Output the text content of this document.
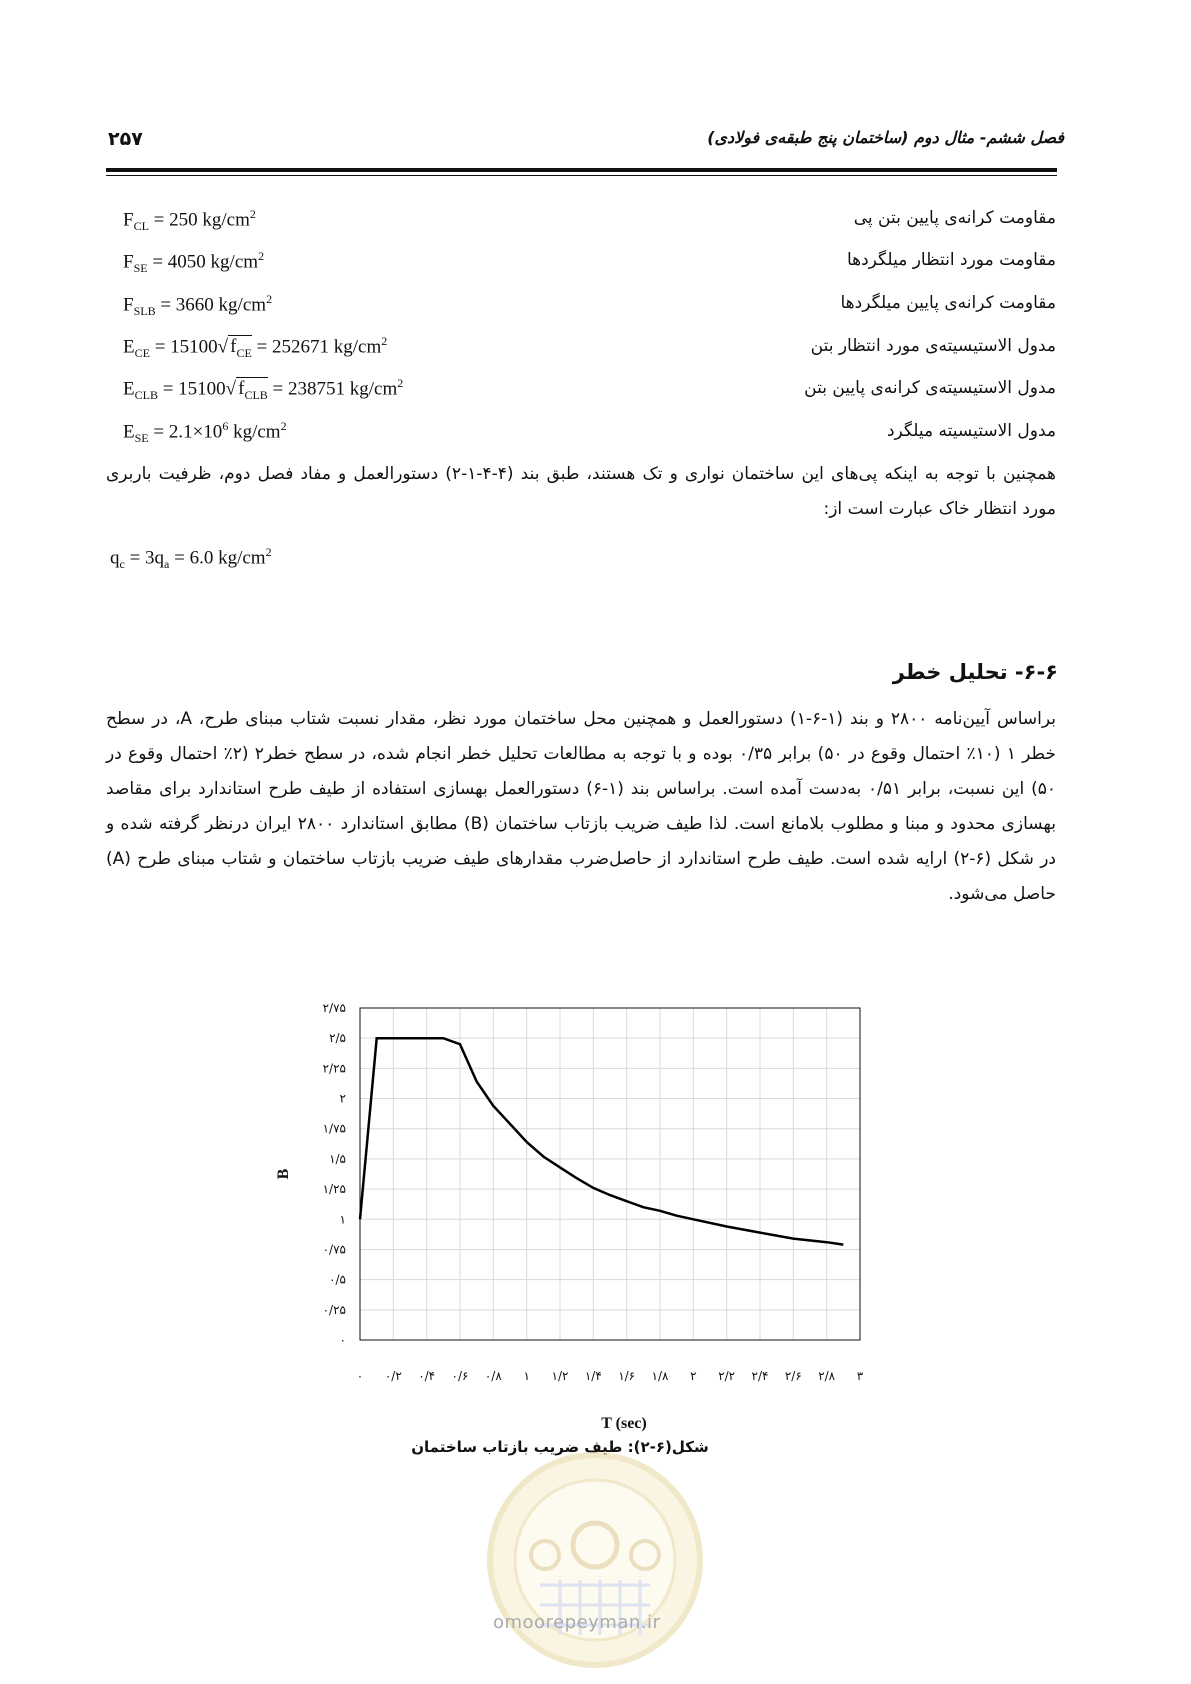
فصل ششم- مثال دوم (ساختمان پنج طبقه‌ی فولادی)
۲۵۷
مقاومت کرانه‌ی پایین بتن پی
$F_{CL} = 250$ $kg/cm^2$
مقاومت مورد انتظار میلگردها
$F_{SE} = 4050$ $kg/cm^2$
مقاومت کرانه‌ی پایین میلگردها
$F_{SLB} = 3660$ $kg/cm^2$
مدول الاستیسیته‌ی مورد انتظار بتن
$E_{CE} = 15100√$ $f_{CE} = 252671$ $kg/cm^2$
مدول الاستیسیته‌ی کرانه‌ی پایین بتن
$E_{CLB} = 15100√$ $f_{CLB} = 238751$ $kg/cm^2$
مدول الاستیسیته میلگرد
$E_{SE} = 2.1\times 10^6$ $kg/cm^2$
همچنین با توجه به اینکه پی‌های این ساختمان نواری و تک هستند، طبق بند (۴-۴-۱-۲) دستورالعمل و مفاد فصل دوم، ظرفیت باربری مورد انتظار خاک عبارت است از:
$q_c = 3q_a = 6.0$ $kg/cm^2$
۶-۶- تحلیل خطر
براساس آیین‌نامه ۲۸۰۰ و بند (۱-۶-۱) دستورالعمل و همچنین محل ساختمان مورد نظر، مقدار نسبت شتاب مبنای طرح، A، در سطح خطر ۱ (۱۰٪ احتمال وقوع در ۵۰) برابر ۰/۳۵ بوده و با توجه به مطالعات تحلیل خطر انجام شده، در سطح خطر۲ (۲٪ احتمال وقوع در ۵۰) این نسبت، برابر ۰/۵۱ به‌دست آمده است. براساس بند (۱-۶) دستورالعمل بهسازی استفاده از طیف طرح استاندارد برای مقاصد بهسازی محدود و مبنا و مطلوب بلامانع است. لذا طیف ضریب بازتاب ساختمان (B) مطابق استاندارد ۲۸۰۰ ایران درنظر گرفته شده و در شکل (۶-۲) ارایه شده است. طیف طرح استاندارد از حاصل‌ضرب مقدارهای طیف ضریب بازتاب ساختمان و شتاب مبنای طرح (A) حاصل می‌شود.
۰
۰/۲۵
۰/۵
۰/۷۵
۱
۱/۲۵
۱/۵
۱/۷۵
۲
۲/۲۵
۲/۵
۲/۷۵
۰ ۰/۲ ۰/۴ ۰/۶ ۰/۸ ۱ ۱/۲ ۱/۴ ۱/۶ ۱/۸ ۲ ۲/۲ ۲/۴ ۲/۶ ۲/۸ ۳
B
T (sec)
شکل(۶-۲): طیف ضریب بازتاب ساختمان
omoorepeyman.ir
